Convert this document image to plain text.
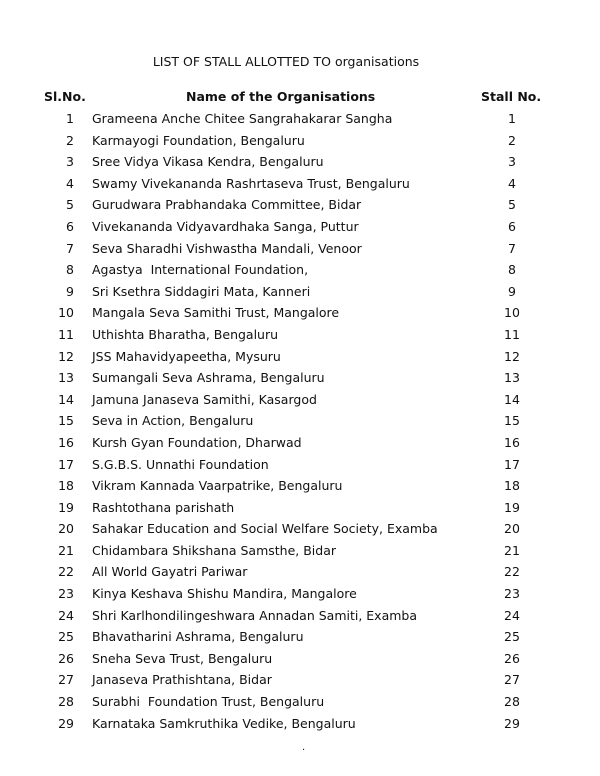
LIST OF STALL ALLOTTED TO organisations
Sl.No.	Name of the Organisations	Stall No.
1 Grameena Anche Chitee Sangrahakarar Sangha	1
2 Karmayogi Foundation, Bengaluru	2
3 Sree Vidya Vikasa Kendra, Bengaluru	3
4 Swamy Vivekananda Rashrtaseva Trust, Bengaluru	4
5 Gurudwara Prabhandaka Committee, Bidar	5
6 Vivekananda Vidyavardhaka Sanga, Puttur	6
7 Seva Sharadhi Vishwastha Mandali, Venoor	7
8 Agastya  International Foundation,	8
9 Sri Ksethra Siddagiri Mata, Kanneri	9
10 Mangala Seva Samithi Trust, Mangalore	10
11 Uthishta Bharatha, Bengaluru	11
12 JSS Mahavidyapeetha, Mysuru	12
13 Sumangali Seva Ashrama, Bengaluru	13
14 Jamuna Janaseva Samithi, Kasargod	14
15 Seva in Action, Bengaluru	15
16 Kursh Gyan Foundation, Dharwad	16
17 S.G.B.S. Unnathi Foundation	17
18 Vikram Kannada Vaarpatrike, Bengaluru	18
19 Rashtothana parishath	19
20 Sahakar Education and Social Welfare Society, Examba	20
21 Chidambara Shikshana Samsthe, Bidar	21
22 All World Gayatri Pariwar	22
23 Kinya Keshava Shishu Mandira, Mangalore	23
24 Shri Karlhondilingeshwara Annadan Samiti, Examba	24
25 Bhavatharini Ashrama, Bengaluru	25
26 Sneha Seva Trust, Bengaluru	26
27 Janaseva Prathishtana, Bidar	27
28 Surabhi  Foundation Trust, Bengaluru	28
29 Karnataka Samkruthika Vedike, Bengaluru	29
.
